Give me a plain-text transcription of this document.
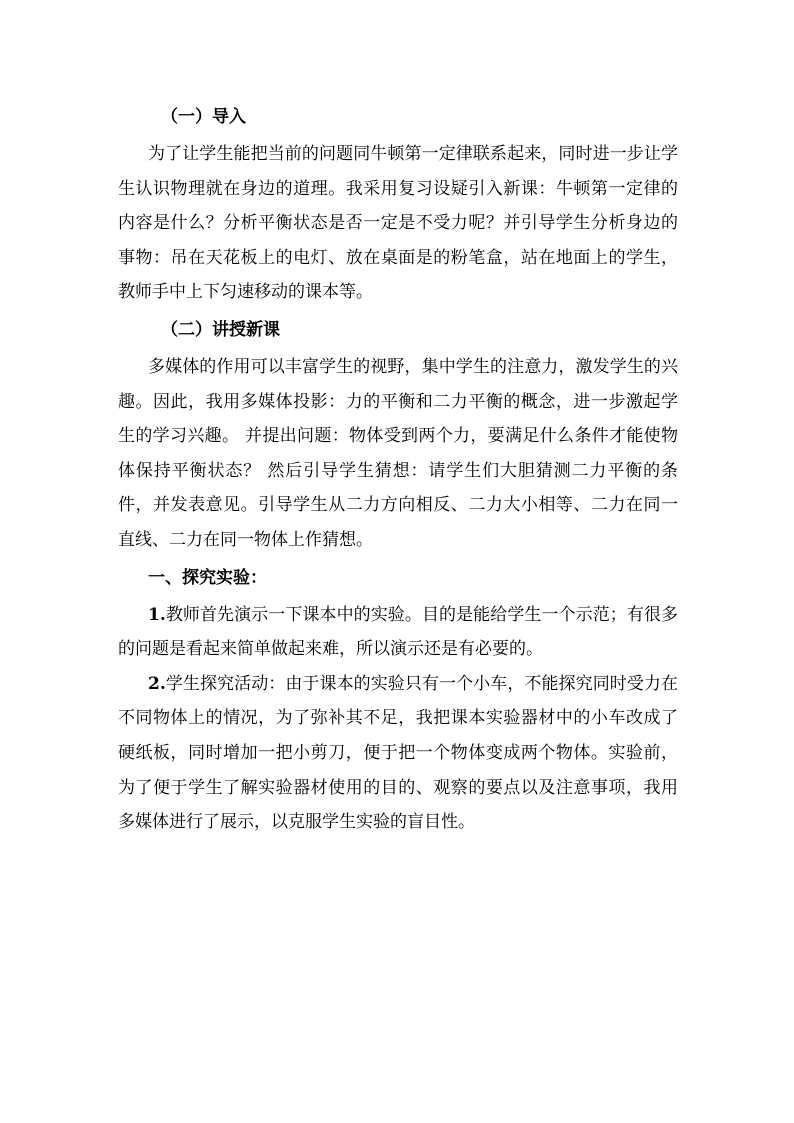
（一）导入

为了让学生能把当前的问题同牛顿第一定律联系起来，同时进一步让学生认识物理就在身边的道理。我采用复习设疑引入新课：牛顿第一定律的内容是什么？分析平衡状态是否一定是不受力呢？并引导学生分析身边的事物：吊在天花板上的电灯、放在桌面是的粉笔盒，站在地面上的学生，教师手中上下匀速移动的课本等。

（二）讲授新课

多媒体的作用可以丰富学生的视野，集中学生的注意力，激发学生的兴趣。因此，我用多媒体投影：力的平衡和二力平衡的概念，进一步激起学生的学习兴趣。 并提出问题：物体受到两个力，要满足什么条件才能使物体保持平衡状态？ 然后引导学生猜想：请学生们大胆猜测二力平衡的条件，并发表意见。引导学生从二力方向相反、二力大小相等、二力在同一直线、二力在同一物体上作猜想。

一、探究实验：

1.教师首先演示一下课本中的实验。目的是能给学生一个示范；有很多的问题是看起来简单做起来难，所以演示还是有必要的。

2.学生探究活动：由于课本的实验只有一个小车，不能探究同时受力在不同物体上的情况，为了弥补其不足，我把课本实验器材中的小车改成了硬纸板，同时增加一把小剪刀，便于把一个物体变成两个物体。实验前，为了便于学生了解实验器材使用的目的、观察的要点以及注意事项，我用多媒体进行了展示，以克服学生实验的盲目性。
